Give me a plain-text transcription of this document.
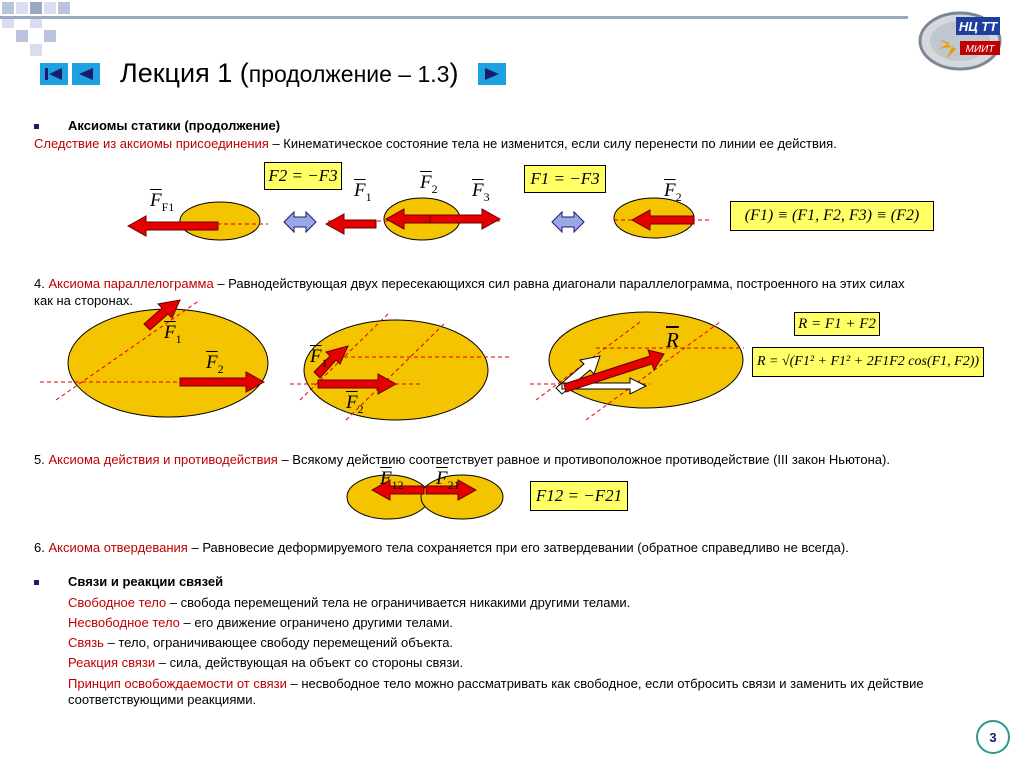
НЦ ТТ
МИИТ
Лекция 1 (продолжение – 1.3)
Аксиомы статики (продолжение)
Следствие из аксиомы присоединения – Кинематическое состояние тела не изменится, если силу перенести по линии ее действия.
$\overline{F}_{F1}$
$\overline{F}_1$
$\overline{F}_2$ $\overline{F}_3$	$\overline{F}_2$
F2 = −F3	F1 = −F3
(F1) ≡ (F1, F2, F3) ≡ (F2)
4. Аксиома параллелограмма – Равнодействующая двух пересекающихся сил равна диагонали параллелограмма, построенного на этих силах
как на сторонах.
$\overline{F}_1$
$\overline{F}_2$
$\overline{F}_1$
$\overline{F}_2$
$\overline{R}$
R = F1 + F2
R = √(F1² + F1² + 2F1F2 cos(F1, F2))
5. Аксиома действия и противодействия – Всякому действию соответствует равное и противоположное противодействие (III закон Ньютона).
$\overline{F}_{12}$ $\overline{F}_{21}$
F12 = −F21
6. Аксиома отвердевания – Равновесие деформируемого тела сохраняется при его затвердевании (обратное справедливо не всегда).
Связи и реакции связей
Свободное тело – свобода перемещений тела не ограничивается никакими другими телами.
Несвободное тело – его движение ограничено другими телами.
Связь – тело, ограничивающее свободу перемещений объекта.
Реакция связи – сила, действующая на объект со стороны связи.
Принцип освобождаемости от связи – несвободное тело можно рассматривать как свободное, если отбросить связи и заменить их действие
соответствующими реакциями.
3
